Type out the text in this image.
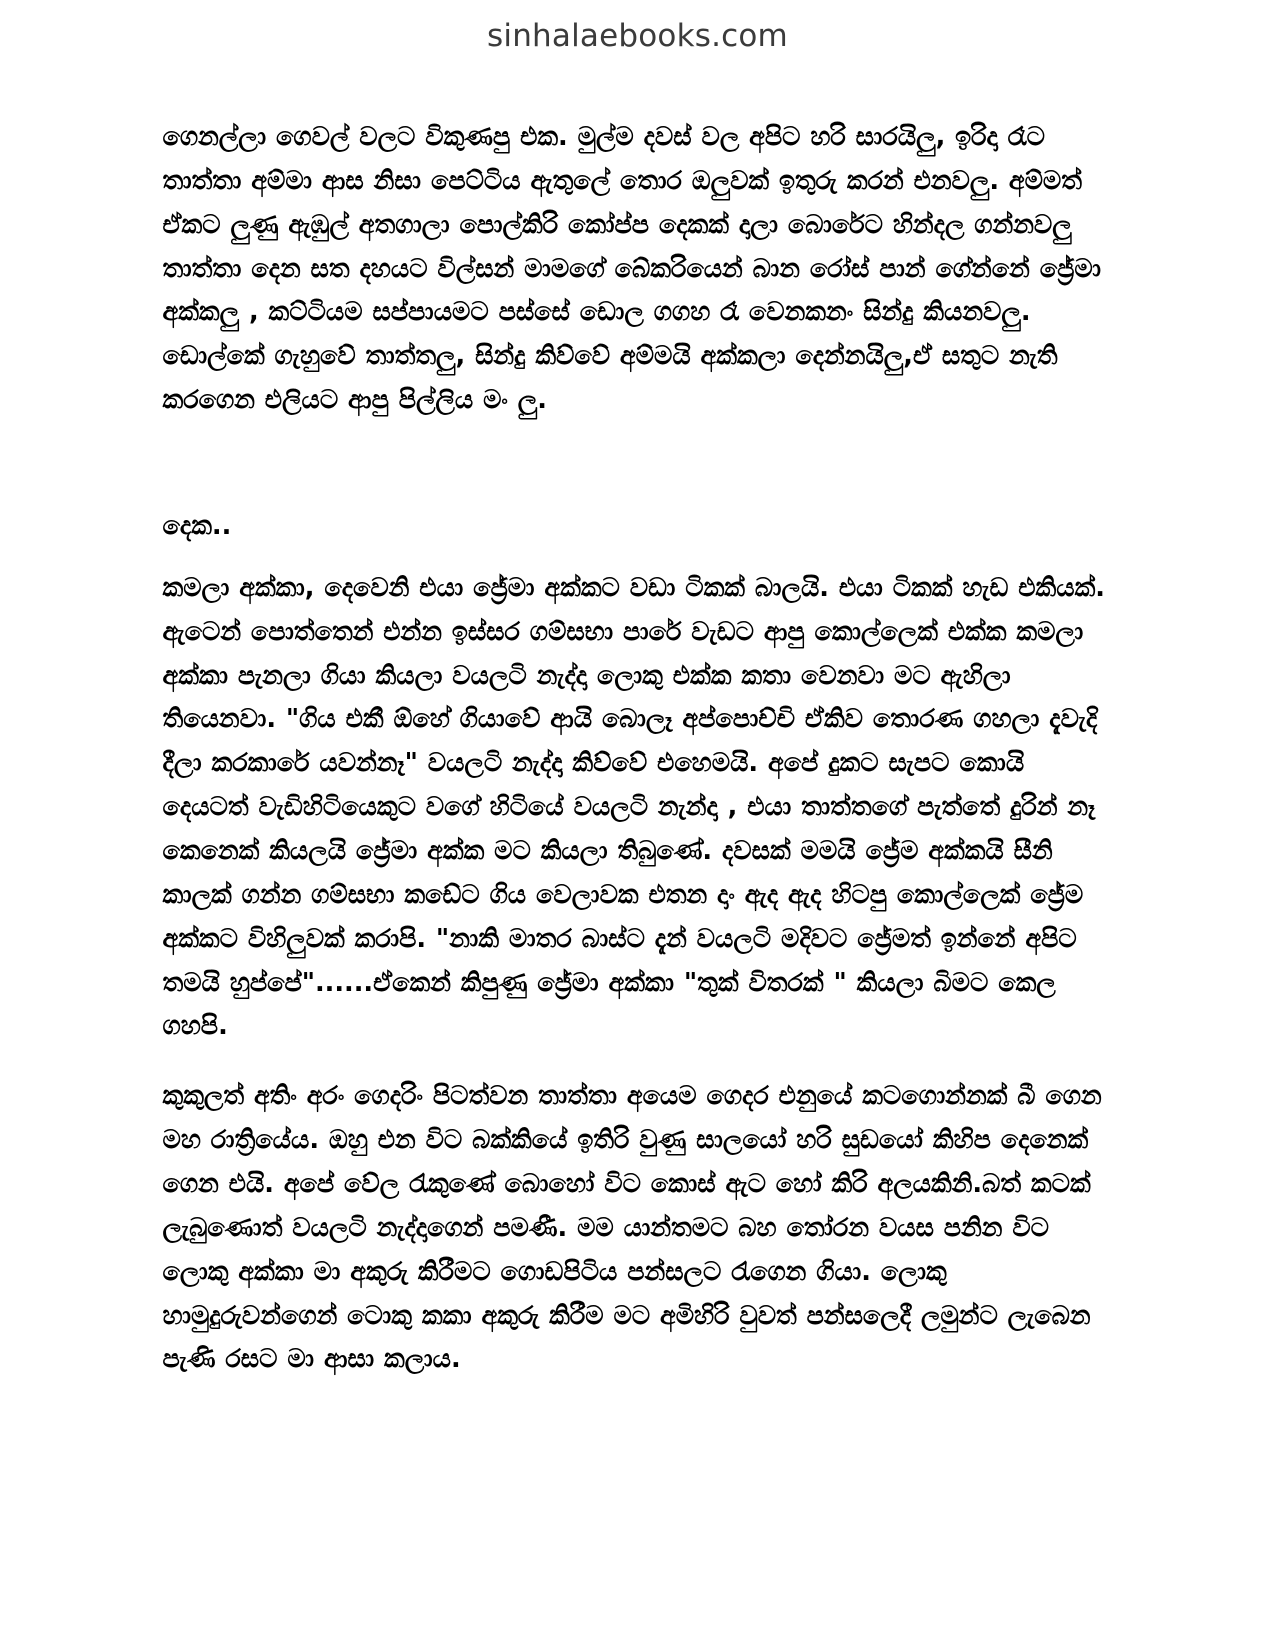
sinhalaebooks.com

ගෙනල්ලා ගෙවල් වලට විකුණපු එක. මුල්ම දවස් වල අපිට හරි සාරයිලු, ඉරිදා රෑට තාත්තා අම්මා ආස නිසා පෙට්ටිය ඇතුලේ තොර ඔලුවක් ඉතුරු කරන් එනවලු. අම්මත් ඒකට ලුණු ඇඹුල් අතගාලා පොල්කිරි කෝප්ප දෙකක් දාලා බොරේට හින්දල ගන්නවලු තාත්තා දෙන සත දහයට විල්සන් මාමගේ බේකරියෙන් බාන රෝස් පාන් ගේන්නේ ජ්‍රේමා අක්කලු , කට්ටියම සප්පායමට පස්සේ ඩොල ගගහ රෑ වෙනකනං සින්දු කියනවලු. ඩොල්කේ ගැහුවේ තාත්තලු, සින්දු කිව්වේ අම්මයි අක්කලා දෙන්නයිලු,ඒ සතුට නැති කරගෙන එලියට ආපු පිල්ලිය මං ලු.

දෙක..

කමලා අක්කා, දෙවෙනි එයා ජ්‍රේමා අක්කට වඩා ටිකක් බාලයි. එයා ටිකක් හැඩ එකියක්. ඇටෙන් පොත්තෙන් එන්න ඉස්සර ගම්සභා පාරේ වැඩට ආපු කොල්ලෙක් එක්ක කමලා අක්කා පැනලා ගියා කියලා වයලටි නැද්දා ලොකු එක්ක කතා වෙනවා මට ඇහිලා තියෙනවා. "ගිය එකී ඕහේ ගියාවේ ආයි බොලෑ අප්පොච්චි ඒකිව තොරණ ගහලා දැවැදි දීලා කරකාරේ යවන්නෑ" වයලටි නැද්දා කිව්වේ එහෙමයි. අපේ දුකට සැපට කොයි දෙයටත් වැඩිහිටියෙකුට වගේ හිටියේ වයලටි නැන්දා , එයා තාත්තගේ පැත්තේ දුරින් නෑ කෙනෙක් කියලයි ජ්‍රේමා අක්ක මට කියලා තිබුණේ. දවසක් මමයි ජ්‍රේම අක්කයි සීනි කාලක් ගන්න ගම්සභා කඩේට ගිය වෙලාවක එතන දාං ඇද ඇද හිටපු කොල්ලෙක් ජ්‍රේම අක්කට විහිලුවක් කරාපි. "නාකි මාතර බාස්ට දැන් වයලටි මදිවට ජ්‍රේමත් ඉන්නේ අපිට තමයි හුප්පේ"......ඒකෙන් කිපුණු ජ්‍රේමා අක්කා "තුක් විතරක් " කියලා බිමට කෙල ගහපි.

කුකුලත් අතිං අරං ගෙදරිං පිටත්වන තාත්තා අයෙම ගෙදර එනුයේ කටගොන්නක් බී ගෙන මහ රාත්‍රියේය. ඔහු එන විට බක්කියේ ඉතිරි වුණු සාලයෝ හරි සුඩයෝ කිහිප දෙනෙක් ගෙන එයි. අපේ වේල රැකුණේ බොහෝ විට කොස් ඇට හෝ කිරි අලයකිනි.බත් කටක් ලැබුණොත් වයලටි නැද්දාගෙන් පමණී. මම යාන්තමට බහ තෝරන වයස පනින විට ලොකු අක්කා මා අකුරු කිරීමට ගොඩපිටිය පන්සලට රැගෙන ගියා. ලොකු හාමුදුරුවන්ගෙන් ටොකු කකා අකුරු කිරීම මට අමිහිරි වුවත් පන්සලෙදී ලමුන්ට ලැබෙන පැණි රසට මා ආසා කලාය.
